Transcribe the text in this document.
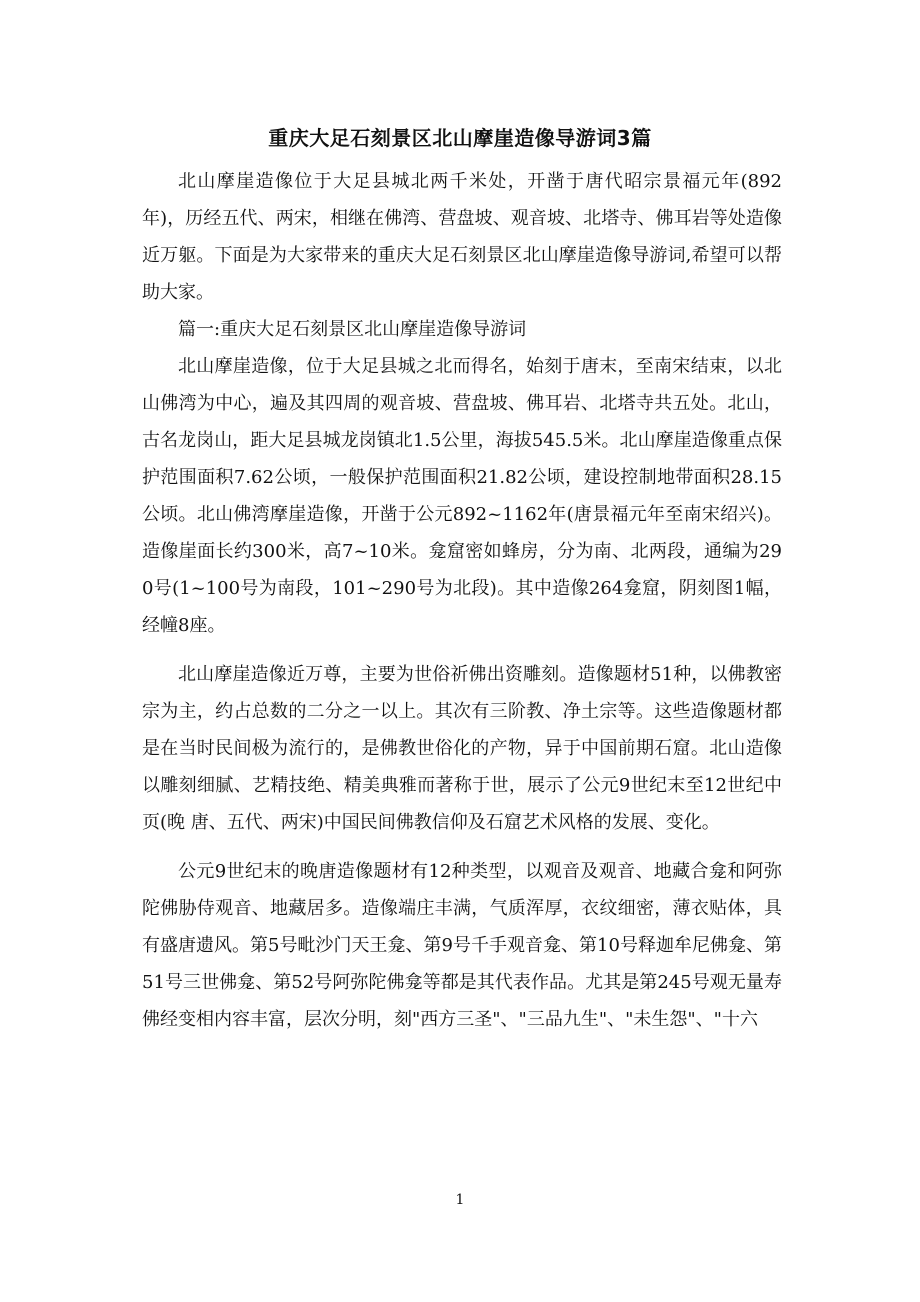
重庆大足石刻景区北山摩崖造像导游词3篇

北山摩崖造像位于大足县城北两千米处，开凿于唐代昭宗景福元年(892年)，历经五代、两宋，相继在佛湾、营盘坡、观音坡、北塔寺、佛耳岩等处造像近万躯。下面是为大家带来的重庆大足石刻景区北山摩崖造像导游词,希望可以帮助大家。

篇一:重庆大足石刻景区北山摩崖造像导游词

北山摩崖造像，位于大足县城之北而得名，始刻于唐末，至南宋结束，以北山佛湾为中心，遍及其四周的观音坡、营盘坡、佛耳岩、北塔寺共五处。北山，古名龙岗山，距大足县城龙岗镇北1.5公里，海拔545.5米。北山摩崖造像重点保护范围面积7.62公顷，一般保护范围面积21.82公顷，建设控制地带面积28.15公顷。北山佛湾摩崖造像，开凿于公元892~1162年(唐景福元年至南宋绍兴)。造像崖面长约300米，高7~10米。龛窟密如蜂房，分为南、北两段，通编为290号(1~100号为南段，101~290号为北段)。其中造像264龛窟，阴刻图1幅，经幢8座。

北山摩崖造像近万尊，主要为世俗祈佛出资雕刻。造像题材51种，以佛教密宗为主，约占总数的二分之一以上。其次有三阶教、净土宗等。这些造像题材都是在当时民间极为流行的，是佛教世俗化的产物，异于中国前期石窟。北山造像以雕刻细腻、艺精技绝、精美典雅而著称于世，展示了公元9世纪末至12世纪中页(晚 唐、五代、两宋)中国民间佛教信仰及石窟艺术风格的发展、变化。

公元9世纪末的晚唐造像题材有12种类型，以观音及观音、地藏合龛和阿弥陀佛胁侍观音、地藏居多。造像端庄丰满，气质浑厚，衣纹细密，薄衣贴体，具有盛唐遗风。第5号毗沙门天王龛、第9号千手观音龛、第10号释迦牟尼佛龛、第51号三世佛龛、第52号阿弥陀佛龛等都是其代表作品。尤其是第245号观无量寿佛经变相内容丰富，层次分明，刻"西方三圣"、"三品九生"、"未生怨"、"十六

1
